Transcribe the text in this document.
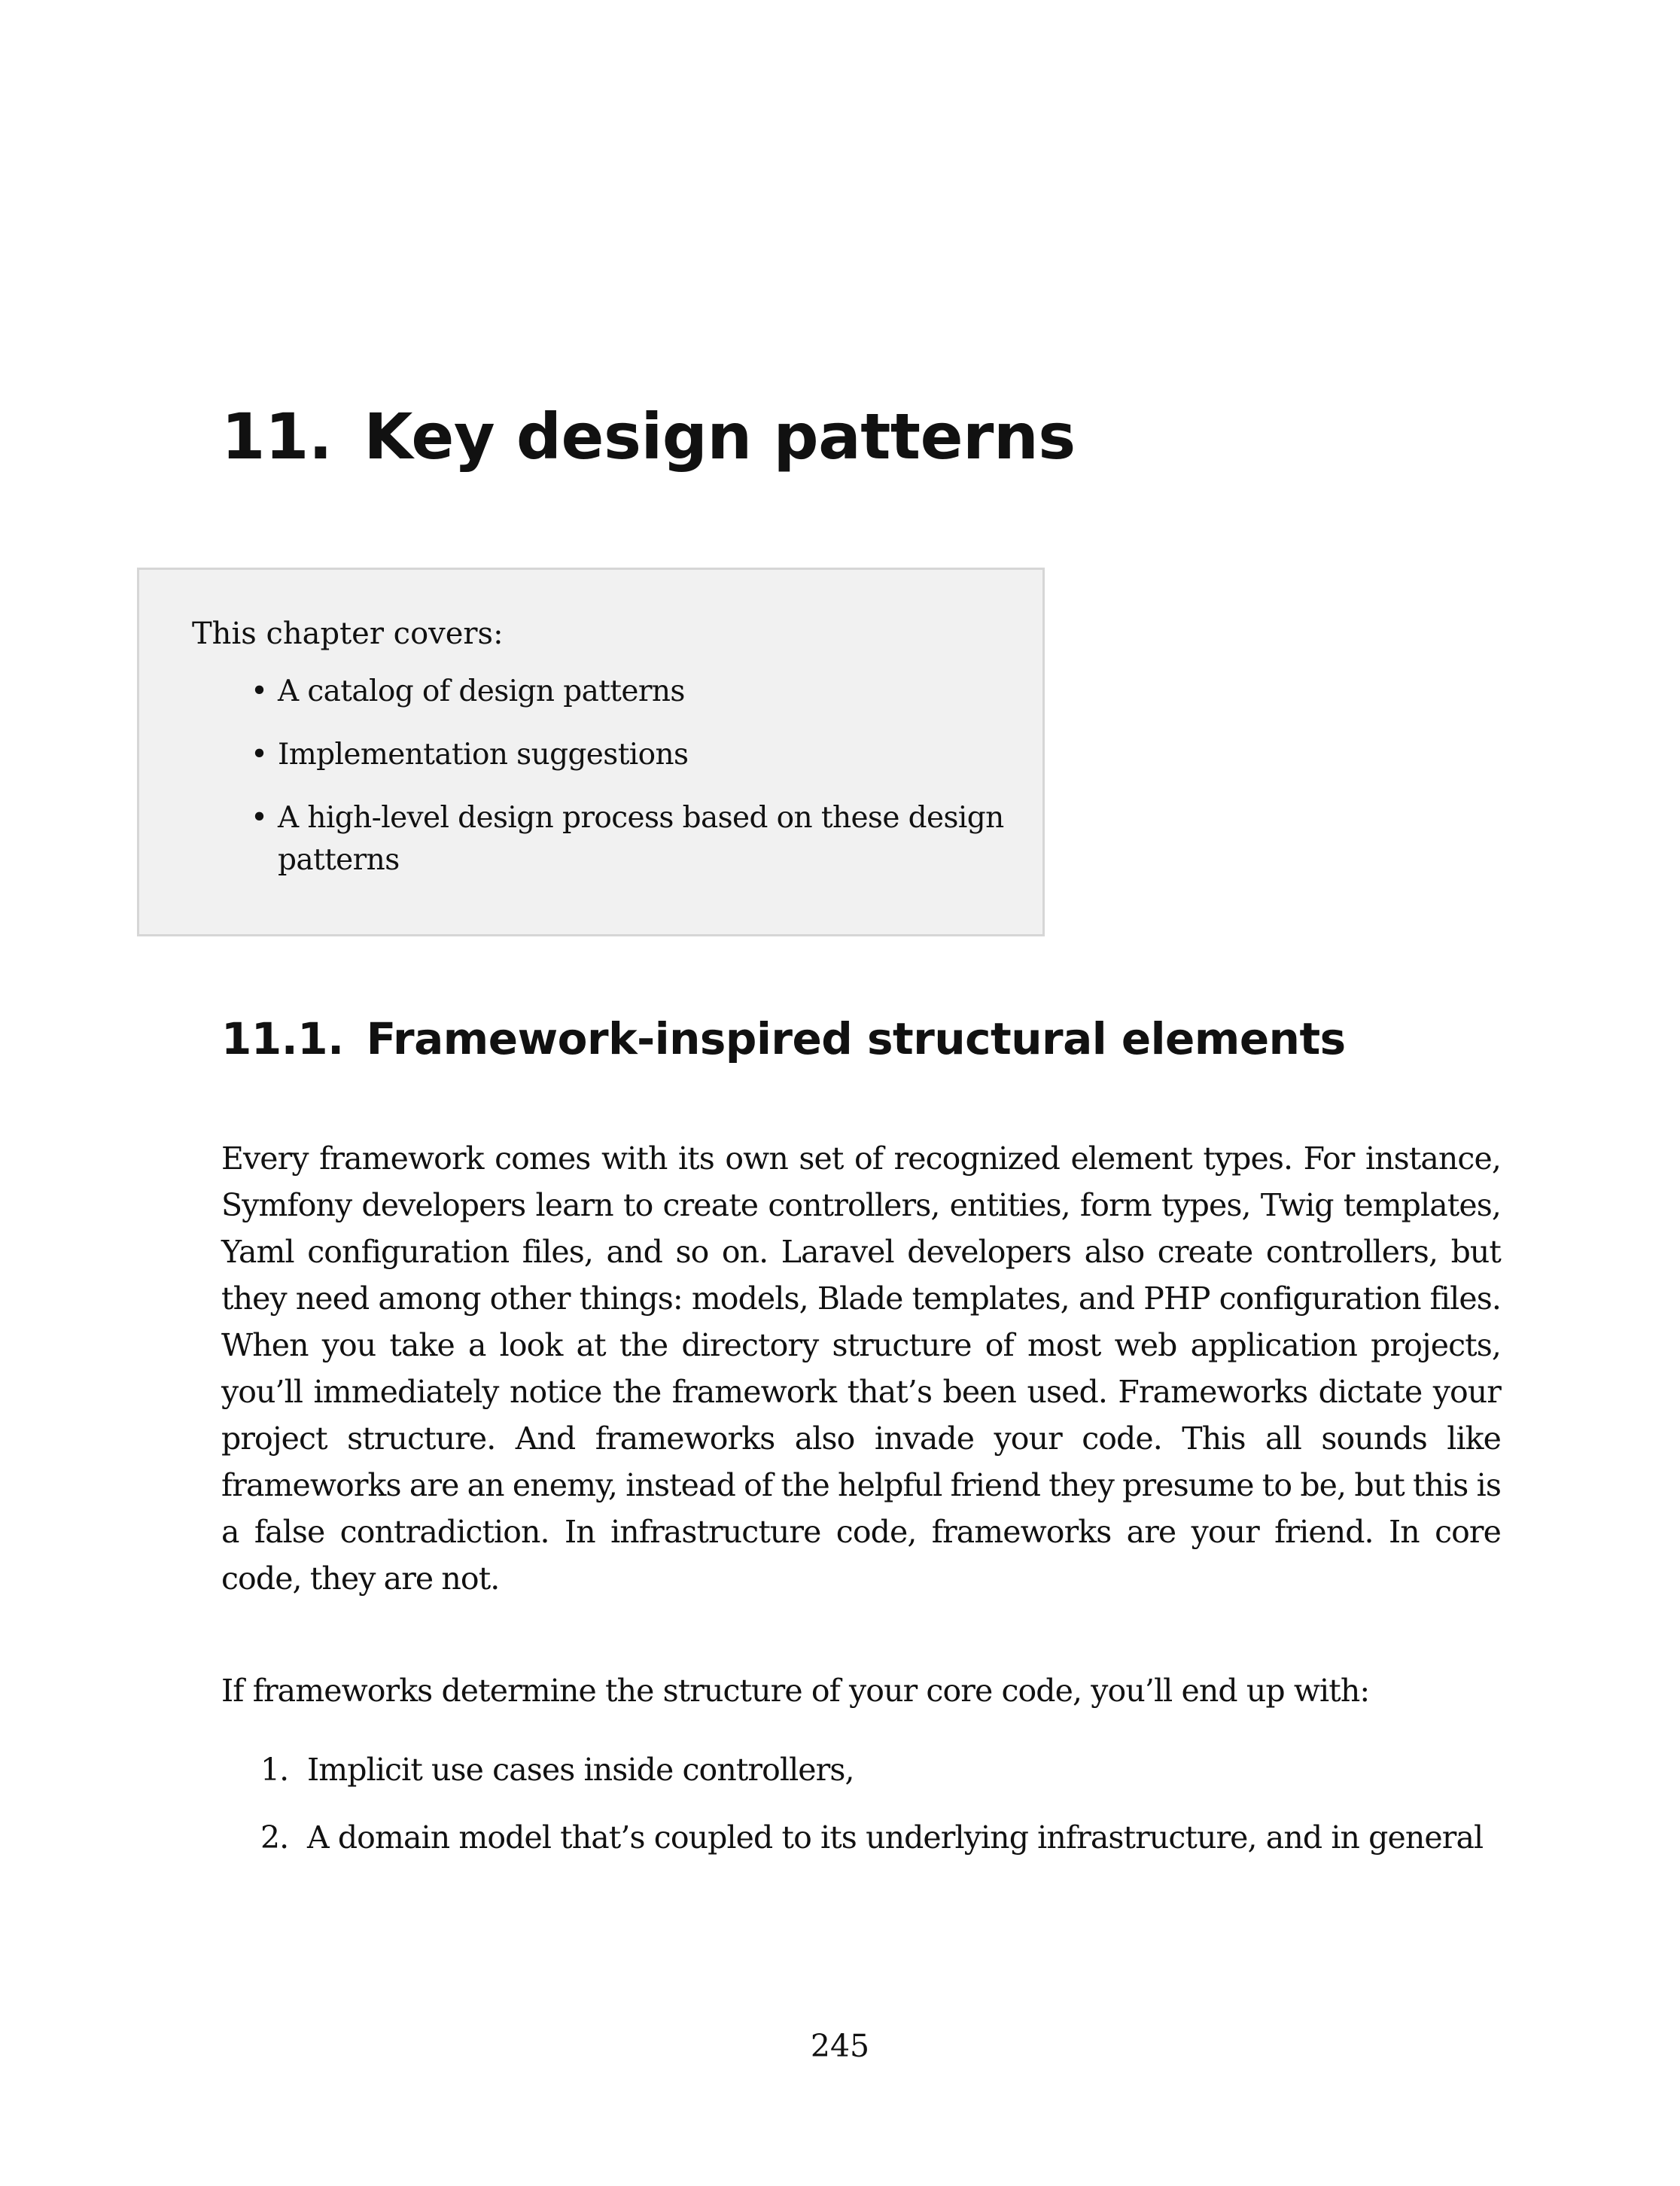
11. Key design patterns

This chapter covers:

• A catalog of design patterns
• Implementation suggestions
• A high-level design process based on these design patterns
11.1. Framework-inspired structural elements

Every framework comes with its own set of recognized element types. For instance, Symfony developers learn to create controllers, entities, form types, Twig templates, Yaml configuration files, and so on. Laravel developers also create controllers, but they need among other things: models, Blade templates, and PHP configuration files. When you take a look at the directory structure of most web application projects, you’ll immediately notice the framework that’s been used. Frameworks dictate your project structure. And frameworks also invade your code. This all sounds like frameworks are an enemy, instead of the helpful friend they presume to be, but this is a false contradiction. In infrastructure code, frameworks are your friend. In core code, they are not.

If frameworks determine the structure of your core code, you’ll end up with:

1. Implicit use cases inside controllers,
2. A domain model that’s coupled to its underlying infrastructure, and in general

245
